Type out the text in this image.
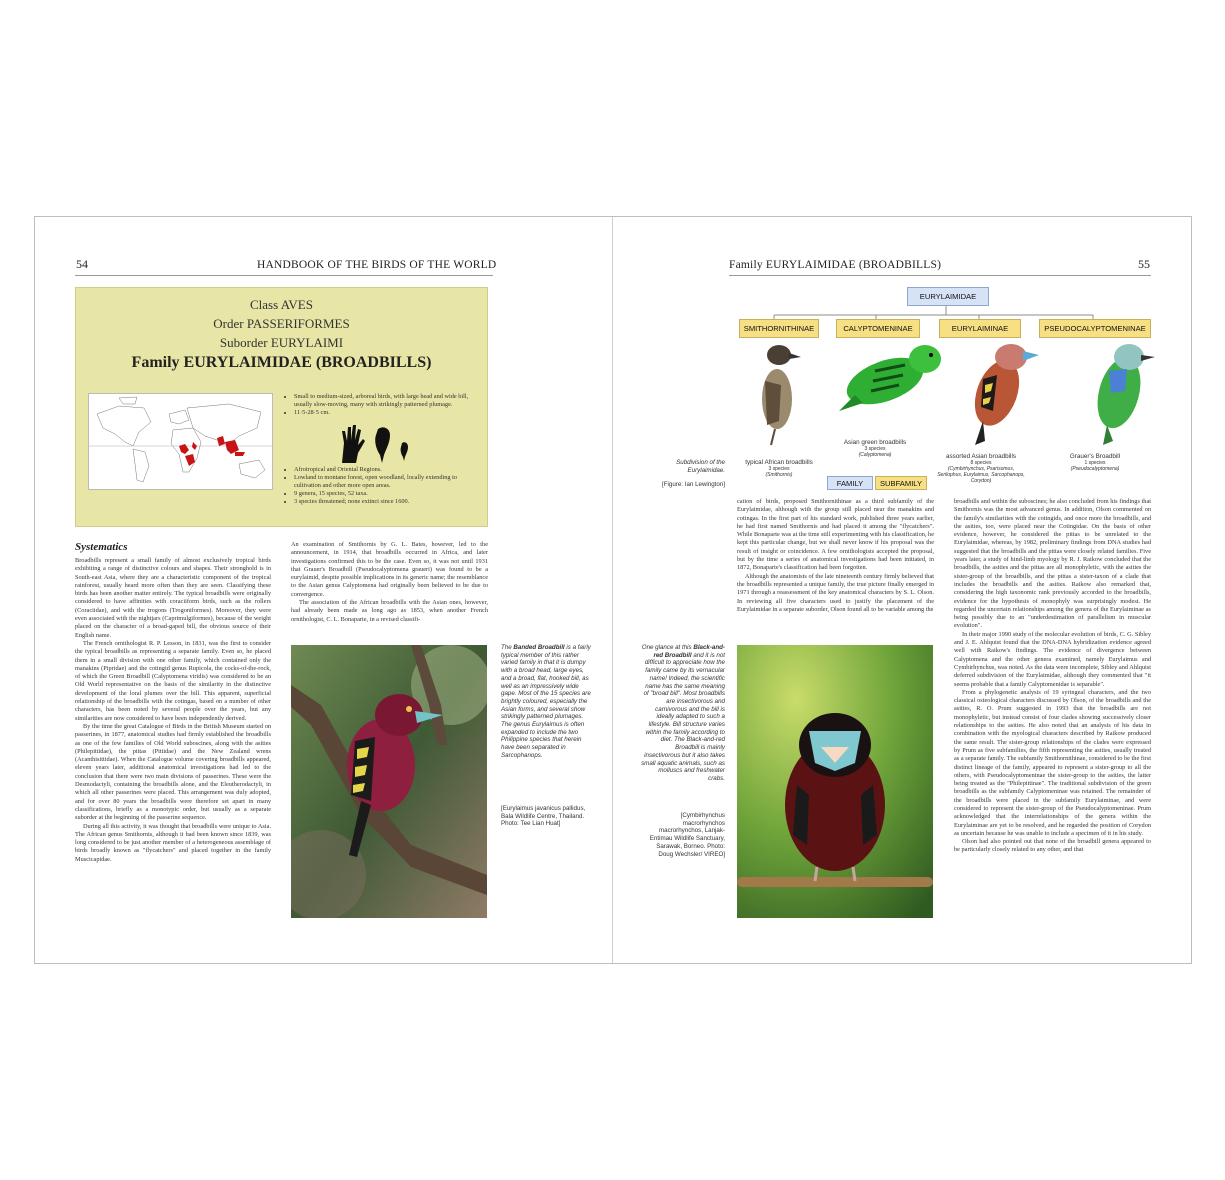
54	HANDBOOK OF THE BIRDS OF THE WORLD
Class AVES
Order PASSERIFORMES
Suborder EURYLAIMI
Family EURYLAIMIDAE (BROADBILLS)
• Small to medium-sized, arboreal birds, with large head and wide bill, usually slow-moving, many with strikingly patterned plumage.
• 11·5-28·5 cm.
• Afrotropical and Oriental Regions.
• Lowland to montane forest, open woodland, locally extending to cultivation and other more open areas.
• 9 genera, 15 species, 52 taxa.
• 3 species threatened; none extinct since 1600.
Systematics

Broadbills represent a small family of almost exclusively tropical birds exhibiting a range of distinctive colours and shapes. Their stronghold is in South-east Asia, where they are a characteristic component of the tropical rainforest, usually heard more often than they are seen. Classifying these birds has been another matter entirely. The typical broadbills were originally considered to have affinities with coraciiform birds, such as the rollers (Coraciidae), and with the trogons (Trogoniformes). Moreover, they were even associated with the nightjars (Caprimulgiformes), because of the weight placed on the character of a broad-gaped bill, the obvious source of their English name.

The French ornithologist R. P. Lesson, in 1831, was the first to consider the typical broadbills as representing a separate family. Even so, he placed them in a small division with one other family, which contained only the manakins (Pipridae) and the cotingid genus Rupicola, the cocks-of-the-rock, of which the Green Broadbill (Calyptomena viridis) was considered to be an Old World representative on the basis of the similarity in the distinctive development of the loral plumes over the bill. This apparent, superficial relationship of the broadbills with the cotingas, based on a number of other characters, has been noted by several people over the years, but any similarities are now considered to have been independently derived.

By the time the great Catalogue of Birds in the British Museum started on passerines, in 1877, anatomical studies had firmly established the broadbills as one of the few families of Old World suboscines, along with the asities (Philepittidae), the pittas (Pittidae) and the New Zealand wrens (Acanthisittidae). When the Catalogue volume covering broadbills appeared, eleven years later, additional anatomical investigations had led to the conclusion that there were two main divisions of passerines. These were the Desmodactyli, containing the broadbills alone, and the Eleutherodactyli, in which all other passerines were placed. This arrangement was duly adopted, and for over 80 years the broadbills were therefore set apart in many classifications, briefly as a monotypic order, but usually as a separate suborder at the beginning of the passerine sequence.

During all this activity, it was thought that broadbills were unique to Asia. The African genus Smithornis, although it had been known since 1839, was long considered to be just another member of a heterogeneous assemblage of birds broadly known as "flycatchers" and placed together in the family Muscicapidae.

An examination of Smithornis by G. L. Bates, however, led to the announcement, in 1914, that broadbills occurred in Africa, and later investigations confirmed this to be the case. Even so, it was not until 1931 that Grauer's Broadbill (Pseudocalyptomena graueri) was found to be a eurylaimid, despite possible implications in its generic name; the resemblance to the Asian genus Calyptomena had originally been believed to be due to convergence.

The association of the African broadbills with the Asian ones, however, had already been made as long ago as 1853, when another French ornithologist, C. L. Bonaparte, in a revised classifi-

The Banded Broadbill is a fairly typical member of this rather varied family in that it is dumpy with a broad head, large eyes, and a broad, flat, hooked bill, as well as an impressively wide gape. Most of the 15 species are brightly coloured, especially the Asian forms, and several show strikingly patterned plumages. The genus Eurylaimus is often expanded to include the two Philippine species that herein have been separated in Sarcophanops.
[Eurylaimus javanicus pallidus, Bala Wildlife Centre, Thailand. Photo: Tee Lian Huat]
Family EURYLAIMIDAE (BROADBILLS)	55
EURYLAIMIDAE
SMITHORNITHINAE	CALYPTOMENINAE	EURYLAIMINAE	PSEUDOCALYPTOMENINAE
typical African broadbills
3 species
(Smithornis)
Asian green broadbills
3 species
(Calyptomena)	assorted Asian broadbills
8 species
(Cymbirhynchus, Psarisomus, Serilophus, Eurylaimus, Sarcophanops, Corydon)
Grauer's Broadbill
1 species
(Pseudocalyptomena)
FAMILY	SUBFAMILY
Subdivision of the Eurylaimidae.
[Figure: Ian Lewington]

cation of birds, proposed Smithornithinae as a third subfamily of the Eurylaimidae, although with the group still placed near the manakins and cotingas. In the first part of his standard work, published three years earlier, he had first named Smithornis and had placed it among the "flycatchers". While Bonaparte was at the time still experimenting with his classification, he kept this particular change, but we shall never know if his proposal was the result of insight or coincidence. A few ornithologists accepted the proposal, but by the time a series of anatomical investigations had been initiated, in 1872, Bonaparte's classification had been forgotten.

Although the anatomists of the late nineteenth century firmly believed that the broadbills represented a unique family, the true picture finally emerged in 1971 through a reassessment of the key anatomical characters by S. L. Olson. In reviewing all five characters used to justify the placement of the Eurylaimidae in a separate suborder, Olson found all to be variable among the

broadbills and within the suboscines; he also concluded from his findings that Smithornis was the most advanced genus. In addition, Olson commented on the family's similarities with the cotingids, and once more the broadbills, and the asities, too, were placed near the Cotingidae. On the basis of other evidence, however, he considered the pittas to be unrelated to the Eurylaimidae, whereas, by 1982, preliminary findings from DNA studies had suggested that the broadbills and the pittas were closely related families. Five years later, a study of hind-limb myology by R. J. Raikow concluded that the broadbills, the asities and the pittas are all monophyletic, with the asities the sister-group of the broadbills, and the pittas a sister-taxon of a clade that includes the broadbills and the asities. Raikow also remarked that, considering the high taxonomic rank previously accorded to the broadbills, evidence for the hypothesis of monophyly was surprisingly modest. He regarded the uncertain relationships among the genera of the Eurylaiminae as being possibly due to an "underdestimation of parallelism in muscular evolution".

In their major 1990 study of the molecular evolution of birds, C. G. Sibley and J. E. Ahlquist found that the DNA-DNA hybridization evidence agreed well with Raikow's findings. The evidence of divergence between Calyptomena and the other genera examined, namely Eurylaimus and Cymbirhynchus, was noted. As the data were incomplete, Sibley and Ahlquist deferred subdivision of the Eurylaimidae, although they commented that "it seems probable that a family Calyptomenidae is separable".

From a phylogenetic analysis of 19 syringeal characters, and the two classical osteological characters discussed by Olson, of the broadbills and the asities, R. O. Prum suggested in 1993 that the broadbills are not monophyletic, but instead consist of four clades showing successively closer relationships to the asities. He also noted that an analysis of his data in combination with the myological characters described by Raikow produced the same result. The sister-group relationships of the clades were expressed by Prum as five subfamilies, the fifth representing the asities, usually treated as a separate family. The subfamily Smithornithinae, considered to be the first distinct lineage of the family, appeared to represent a sister-group to all the others, with Pseudocalyptomeninae the sister-group to the asities, the latter being treated as the "Philepittinae". The traditional subdivision of the green broadbills as the subfamily Calyptomeninae was retained. The remainder of the broadbills were placed in the subfamily Eurylaiminae, and were considered to represent the sister-group of the Pseudocalyptomeninae. Prum acknowledged that the interrelationships of the genera within the Eurylaiminae are yet to be resolved, and he regarded the position of Corydon as uncertain because he was unable to include a specimen of it in his study.

Olson had also pointed out that none of the broadbill genera appeared to be particularly closely related to any other, and that

One glance at this Black-and-red Broadbill and it is not difficult to appreciate how the family came by its vernacular name! Indeed, the scientific name has the same meaning of "broad bill". Most broadbills are insectivorous and carnivorous and the bill is ideally adapted to such a lifestyle. Bill structure varies within the family according to diet. The Black-and-red Broadbill is mainly insectivorous but it also takes small aquatic animals, such as molluscs and freshwater crabs.
[Cymbirhynchus macrorhynchos macrorhynchos, Lanjak-Entimau Wildlife Sanctuary, Sarawak, Borneo. Photo: Doug Wechsler/ VIREO]
